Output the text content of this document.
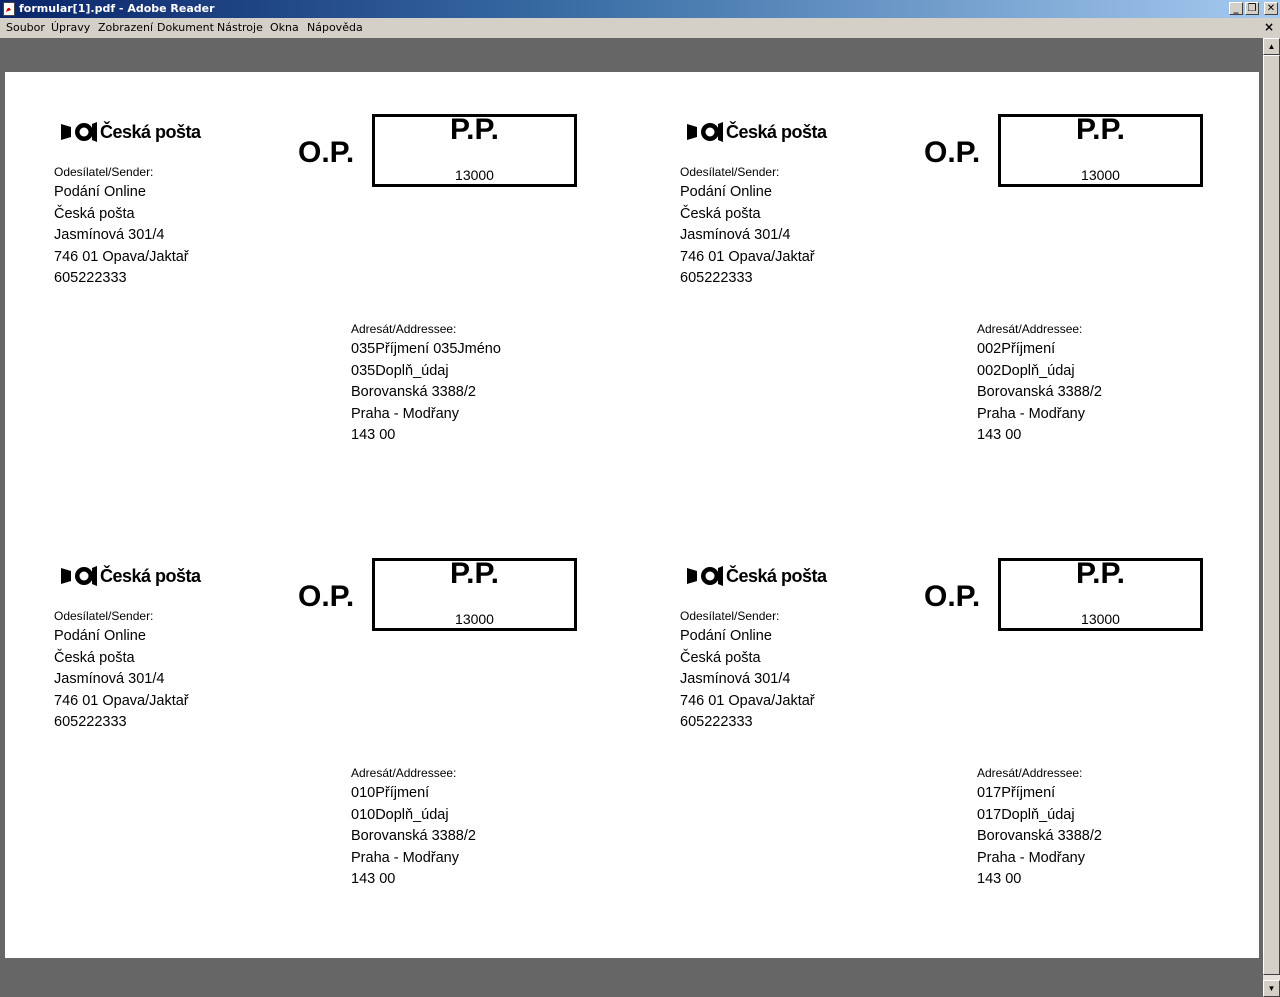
formular[1].pdf - Adobe Reader	_ ❐ ✕
Soubor Úpravy Zobrazení Dokument Nástroje Okna Nápověda	×
▲
▼
Česká pošta
O.P.
P.P.
13000
Odesílatel/Sender:
Podání Online
Česká pošta
Jasmínová 301/4
746 01 Opava/Jaktař
605222333
Adresát/Addressee:
035Příjmení 035Jméno
035Doplň_údaj
Borovanská 3388/2
Praha - Modřany
143 00
Česká pošta
O.P.
P.P.
13000
Odesílatel/Sender:
Podání Online
Česká pošta
Jasmínová 301/4
746 01 Opava/Jaktař
605222333
Adresát/Addressee:
002Příjmení
002Doplň_údaj
Borovanská 3388/2
Praha - Modřany
143 00
Česká pošta
O.P.
P.P.
13000
Odesílatel/Sender:
Podání Online
Česká pošta
Jasmínová 301/4
746 01 Opava/Jaktař
605222333
Adresát/Addressee:
010Příjmení
010Doplň_údaj
Borovanská 3388/2
Praha - Modřany
143 00
Česká pošta
O.P.
P.P.
13000
Odesílatel/Sender:
Podání Online
Česká pošta
Jasmínová 301/4
746 01 Opava/Jaktař
605222333
Adresát/Addressee:
017Příjmení
017Doplň_údaj
Borovanská 3388/2
Praha - Modřany
143 00
